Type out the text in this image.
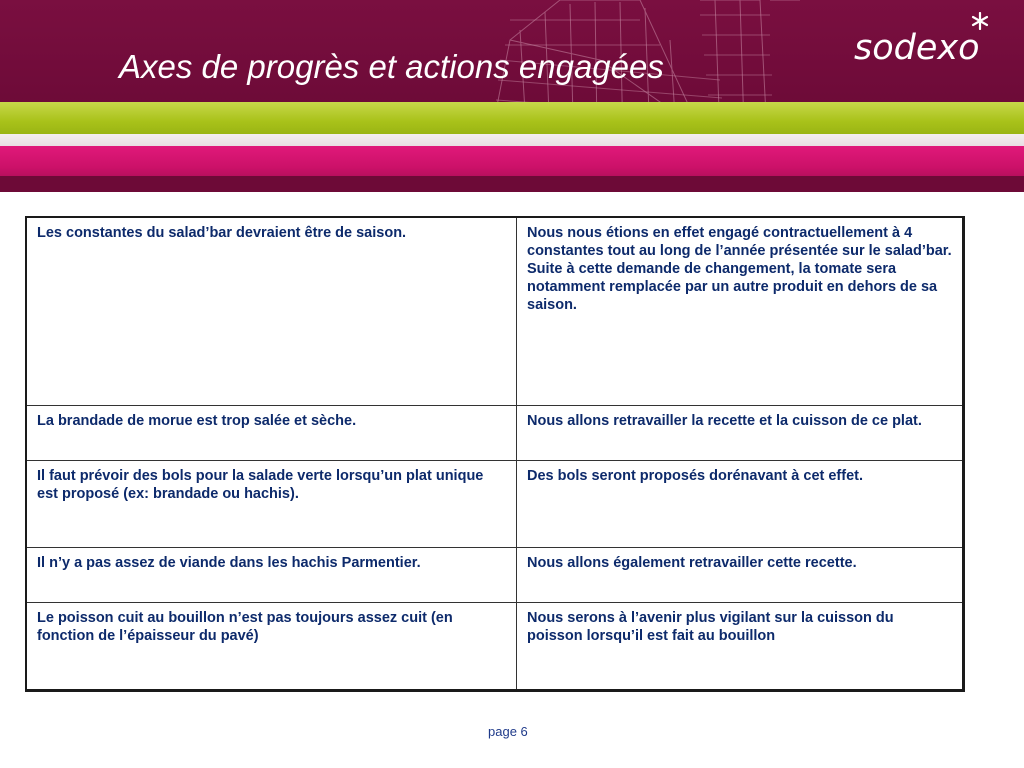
Axes de progrès et actions engagées	sodexo
Les constantes du salad’bar devraient être de saison.	Nous nous étions en effet engagé contractuellement à 4 constantes tout au long de l’année présentée sur le salad’bar. Suite à cette demande de changement, la tomate sera notamment remplacée par un autre produit en dehors de sa saison.
La brandade de morue est trop salée et sèche.	Nous allons retravailler la recette et la cuisson de ce plat.
Il faut prévoir des bols pour la salade verte lorsqu’un plat unique est proposé (ex: brandade ou hachis).	Des bols seront proposés dorénavant à cet effet.
Il n’y a pas assez de viande dans les hachis Parmentier.	Nous allons également retravailler cette recette.
Le poisson cuit au bouillon n’est pas toujours assez cuit (en fonction de l’épaisseur du pavé)	Nous serons à l’avenir plus vigilant sur la cuisson du poisson lorsqu’il est fait au bouillon
page 6
